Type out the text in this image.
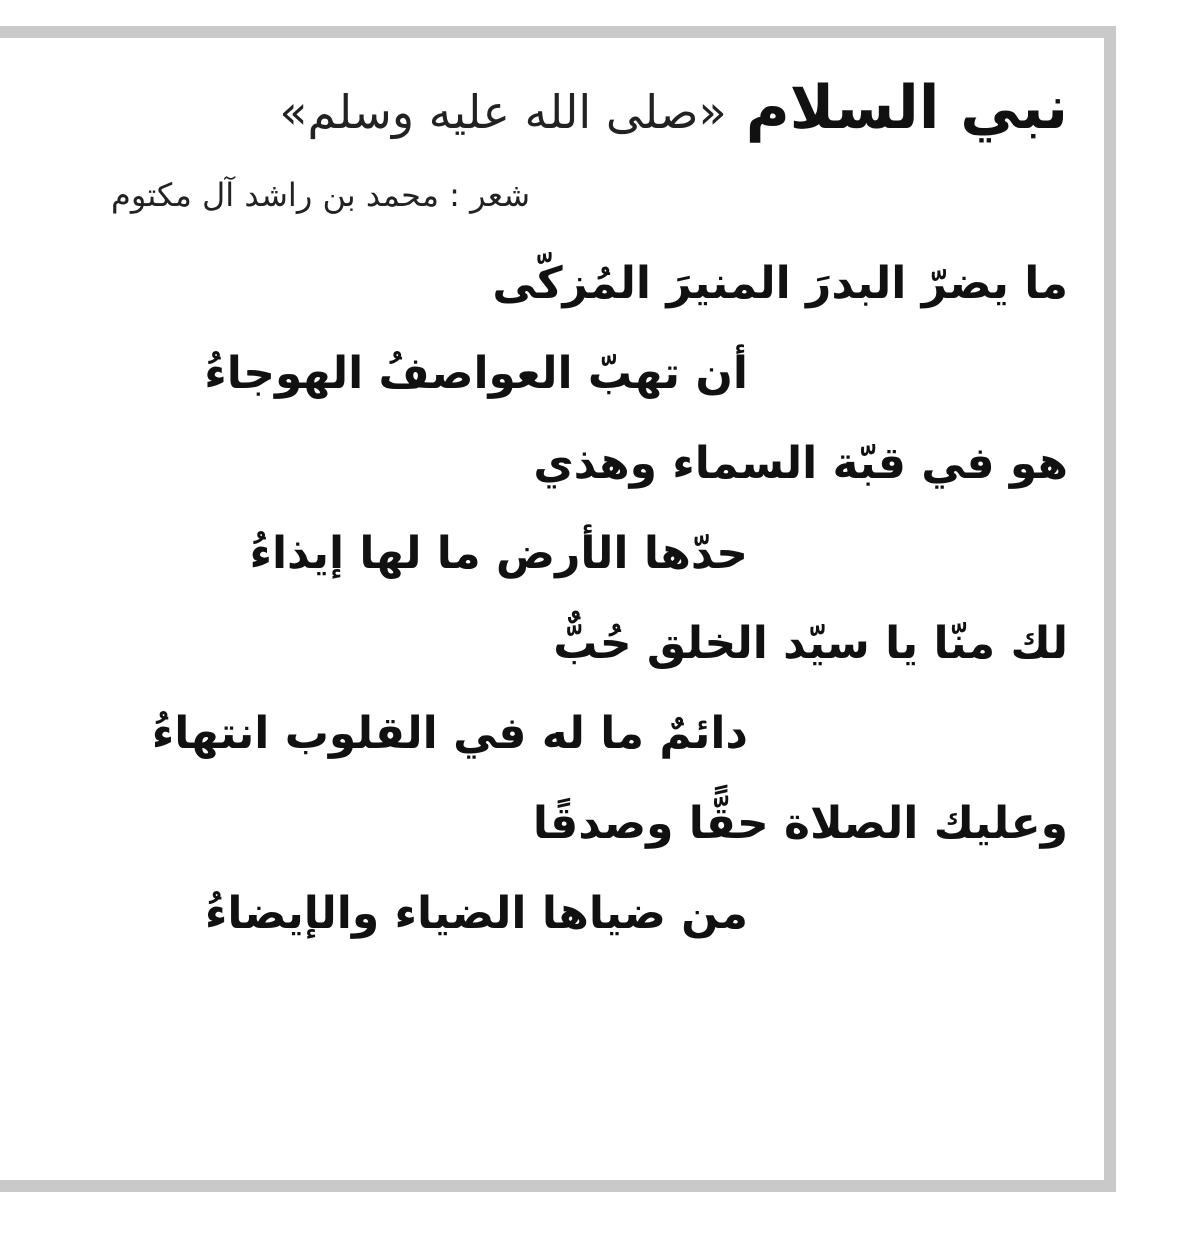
نبي السلام «صلى الله عليه وسلم»
شعر : محمد بن راشد آل مكتوم
ما يضرّ البدرَ المنيرَ المُزكّى
أن تهبّ العواصفُ الهوجاءُ
هو في قبّة السماء وهذي
حدّها الأرض ما لها إيذاءُ
لك منّا يا سيّد الخلق حُبٌّ
دائمٌ ما له في القلوب انتهاءُ
وعليك الصلاة حقًّا وصدقًا
من ضياها الضياء والإيضاءُ
